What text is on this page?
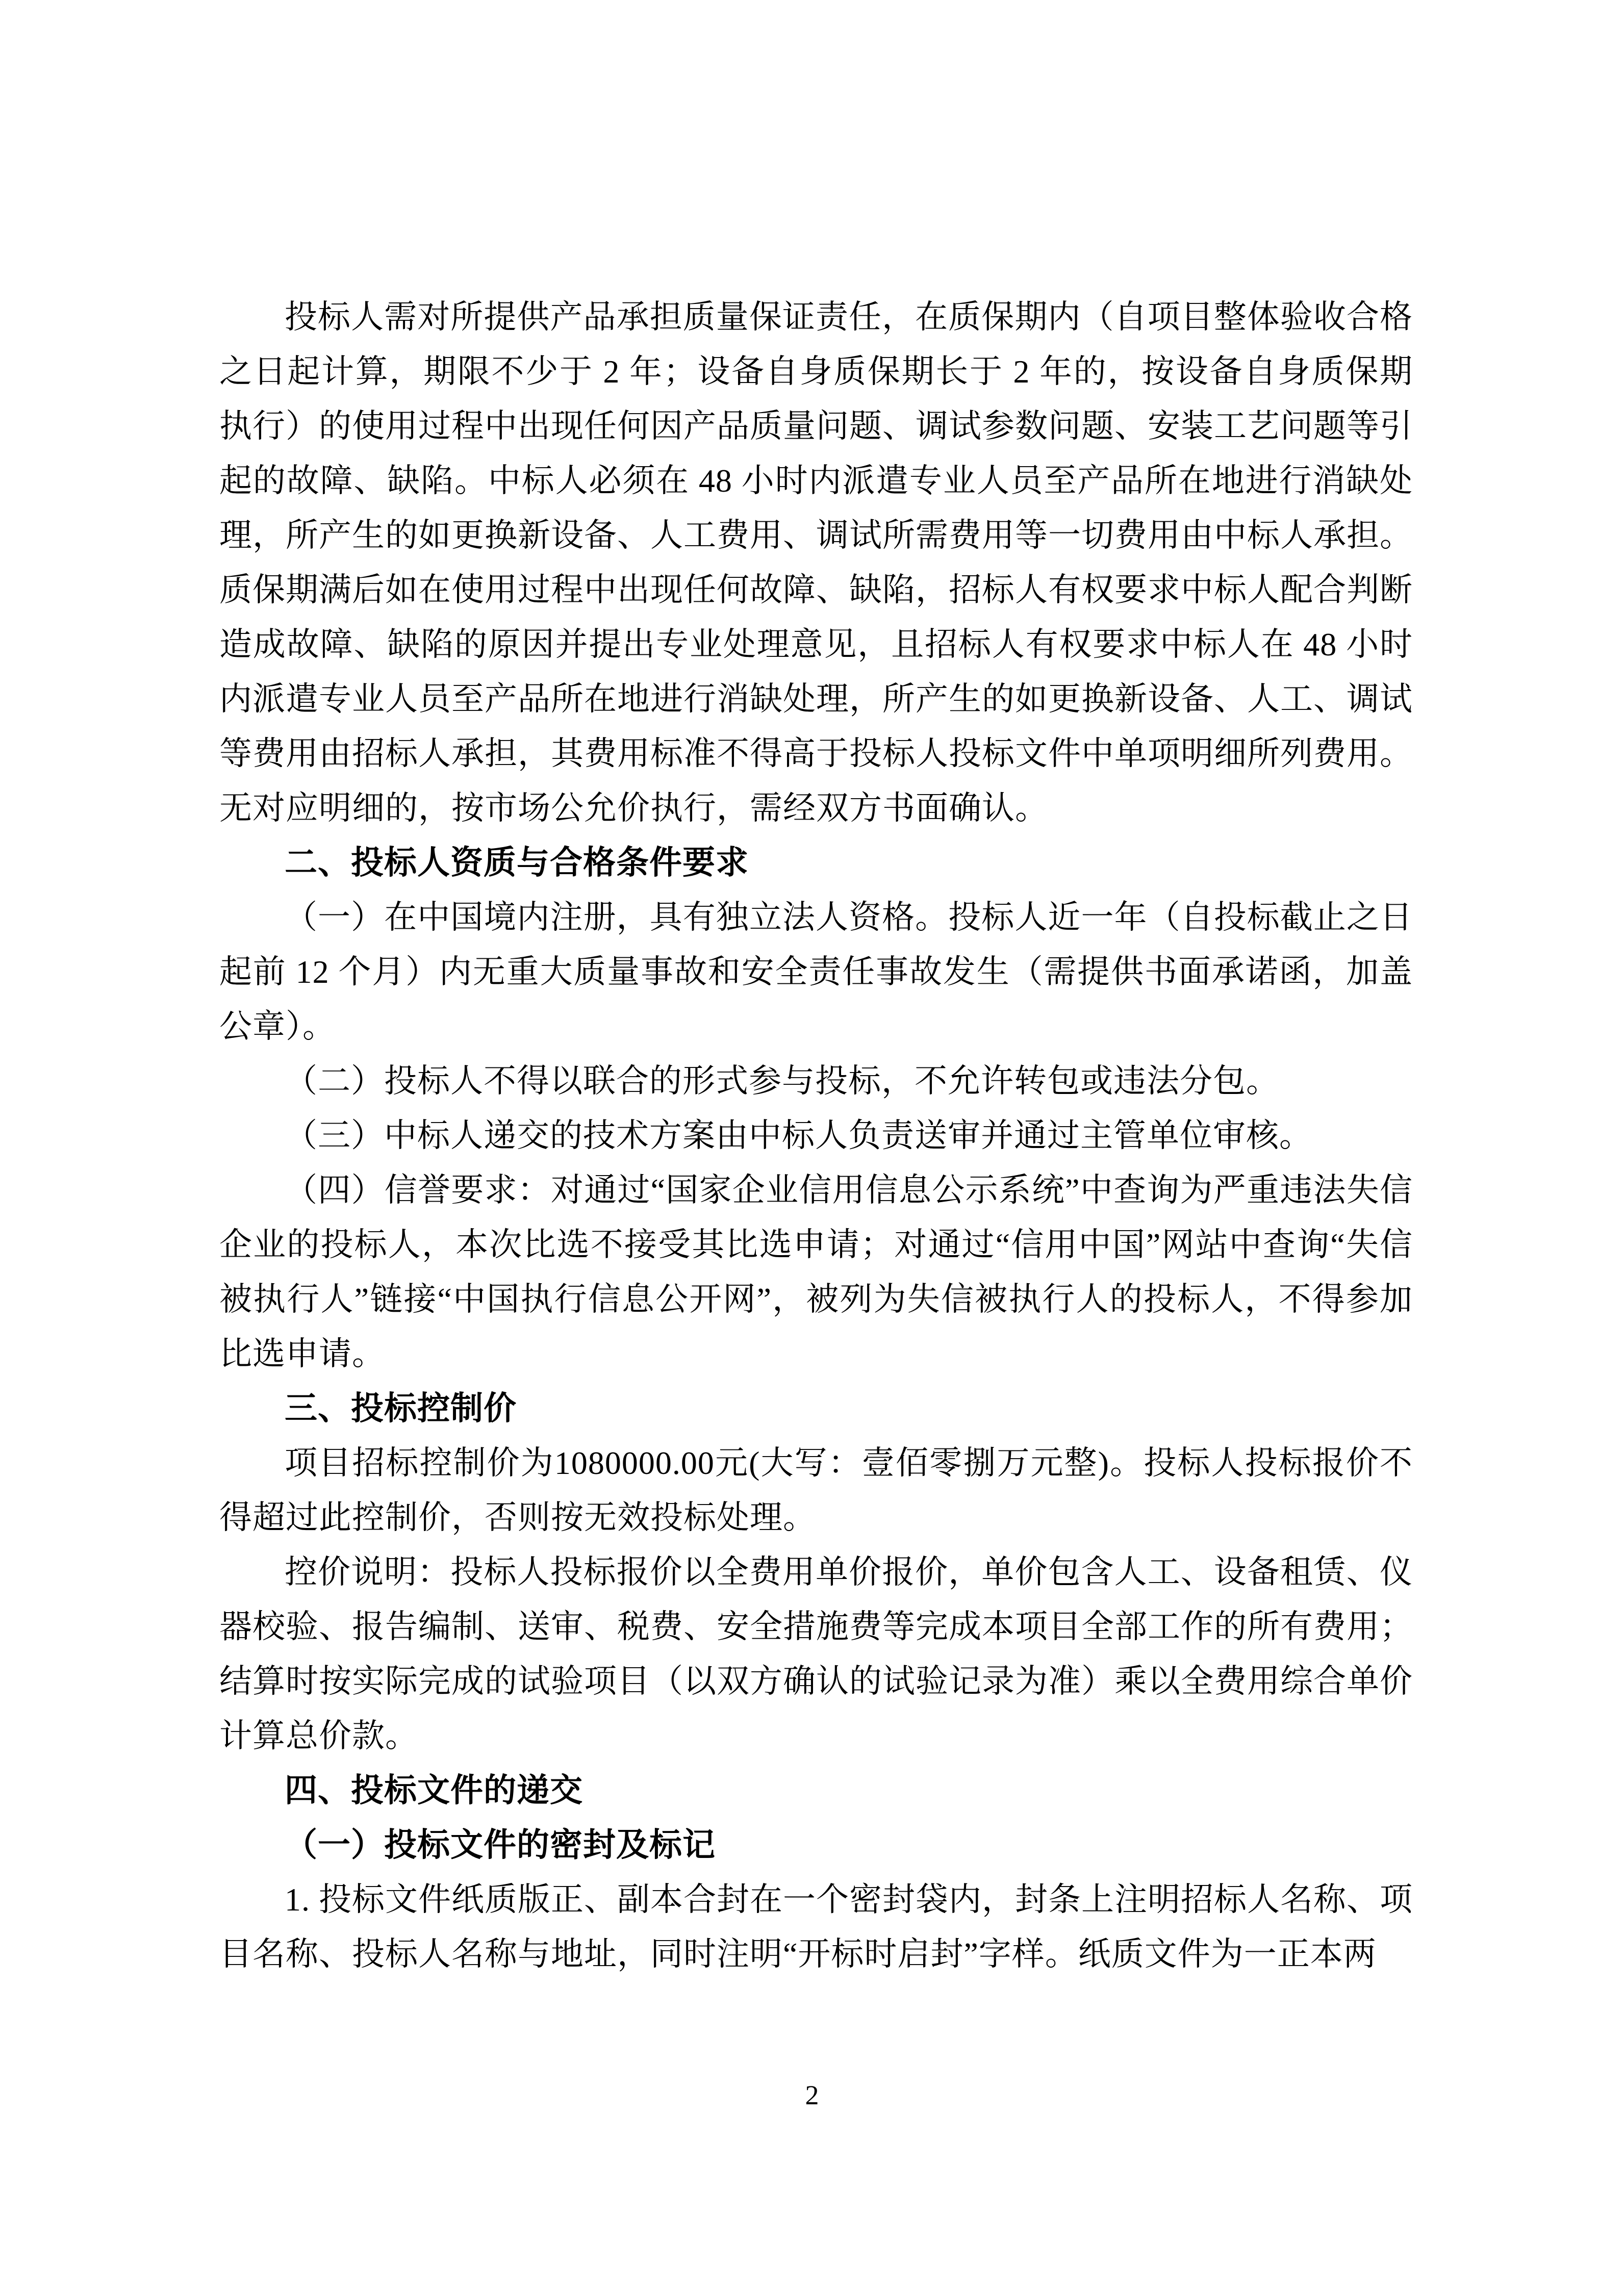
投标人需对所提供产品承担质量保证责任，在质保期内（自项目整体验收合格之日起计算，期限不少于 2 年；设备自身质保期长于 2 年的，按设备自身质保期执行）的使用过程中出现任何因产品质量问题、调试参数问题、安装工艺问题等引起的故障、缺陷。中标人必须在 48 小时内派遣专业人员至产品所在地进行消缺处理，所产生的如更换新设备、人工费用、调试所需费用等一切费用由中标人承担。质保期满后如在使用过程中出现任何故障、缺陷，招标人有权要求中标人配合判断造成故障、缺陷的原因并提出专业处理意见，且招标人有权要求中标人在 48 小时内派遣专业人员至产品所在地进行消缺处理，所产生的如更换新设备、人工、调试等费用由招标人承担，其费用标准不得高于投标人投标文件中单项明细所列费用。无对应明细的，按市场公允价执行，需经双方书面确认。

二、投标人资质与合格条件要求

（一）在中国境内注册，具有独立法人资格。投标人近一年（自投标截止之日起前 12 个月）内无重大质量事故和安全责任事故发生（需提供书面承诺函，加盖公章）。

（二）投标人不得以联合的形式参与投标，不允许转包或违法分包。

（三）中标人递交的技术方案由中标人负责送审并通过主管单位审核。

（四）信誉要求：对通过“国家企业信用信息公示系统”中查询为严重违法失信企业的投标人，本次比选不接受其比选申请；对通过“信用中国”网站中查询“失信被执行人”链接“中国执行信息公开网”，被列为失信被执行人的投标人，不得参加比选申请。

三、投标控制价

项目招标控制价为1080000.00元(大写：壹佰零捌万元整)。投标人投标报价不得超过此控制价，否则按无效投标处理。

控价说明：投标人投标报价以全费用单价报价，单价包含人工、设备租赁、仪器校验、报告编制、送审、税费、安全措施费等完成本项目全部工作的所有费用；结算时按实际完成的试验项目（以双方确认的试验记录为准）乘以全费用综合单价计算总价款。

四、投标文件的递交

（一）投标文件的密封及标记

1. 投标文件纸质版正、副本合封在一个密封袋内，封条上注明招标人名称、项目名称、投标人名称与地址，同时注明“开标时启封”字样。纸质文件为一正本两

2
